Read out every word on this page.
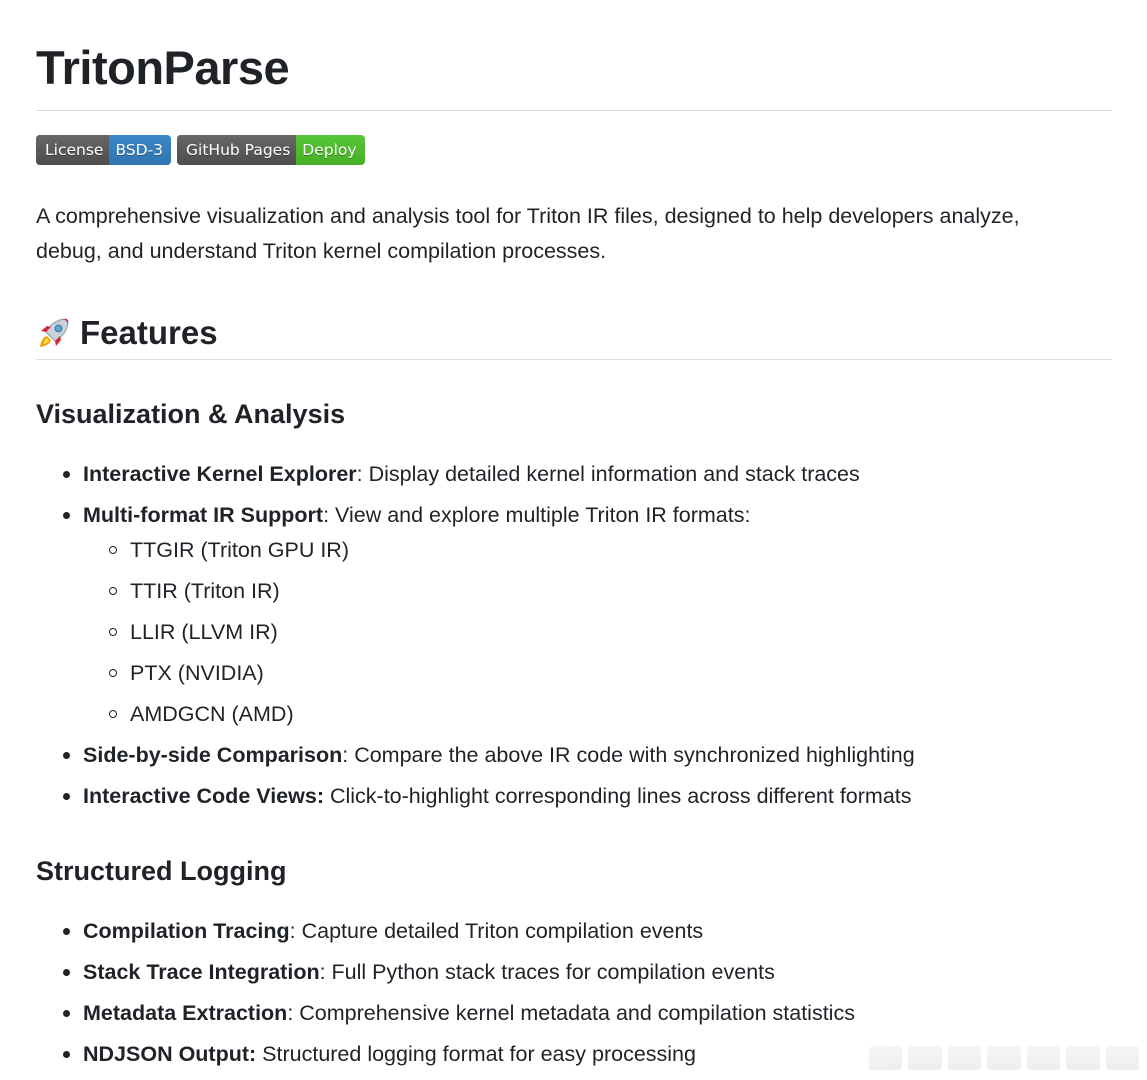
TritonParse
License BSD-3	GitHub Pages Deploy

A comprehensive visualization and analysis tool for Triton IR files, designed to help developers analyze, debug, and understand Triton kernel compilation processes.

Features
Visualization & Analysis
Interactive Kernel Explorer: Display detailed kernel information and stack traces
Multi-format IR Support: View and explore multiple Triton IR formats:
TTGIR (Triton GPU IR)
TTIR (Triton IR)
LLIR (LLVM IR)
PTX (NVIDIA)
AMDGCN (AMD)
Side-by-side Comparison: Compare the above IR code with synchronized highlighting
Interactive Code Views: Click-to-highlight corresponding lines across different formats
Structured Logging
Compilation Tracing: Capture detailed Triton compilation events
Stack Trace Integration: Full Python stack traces for compilation events
Metadata Extraction: Comprehensive kernel metadata and compilation statistics
NDJSON Output: Structured logging format for easy processing
